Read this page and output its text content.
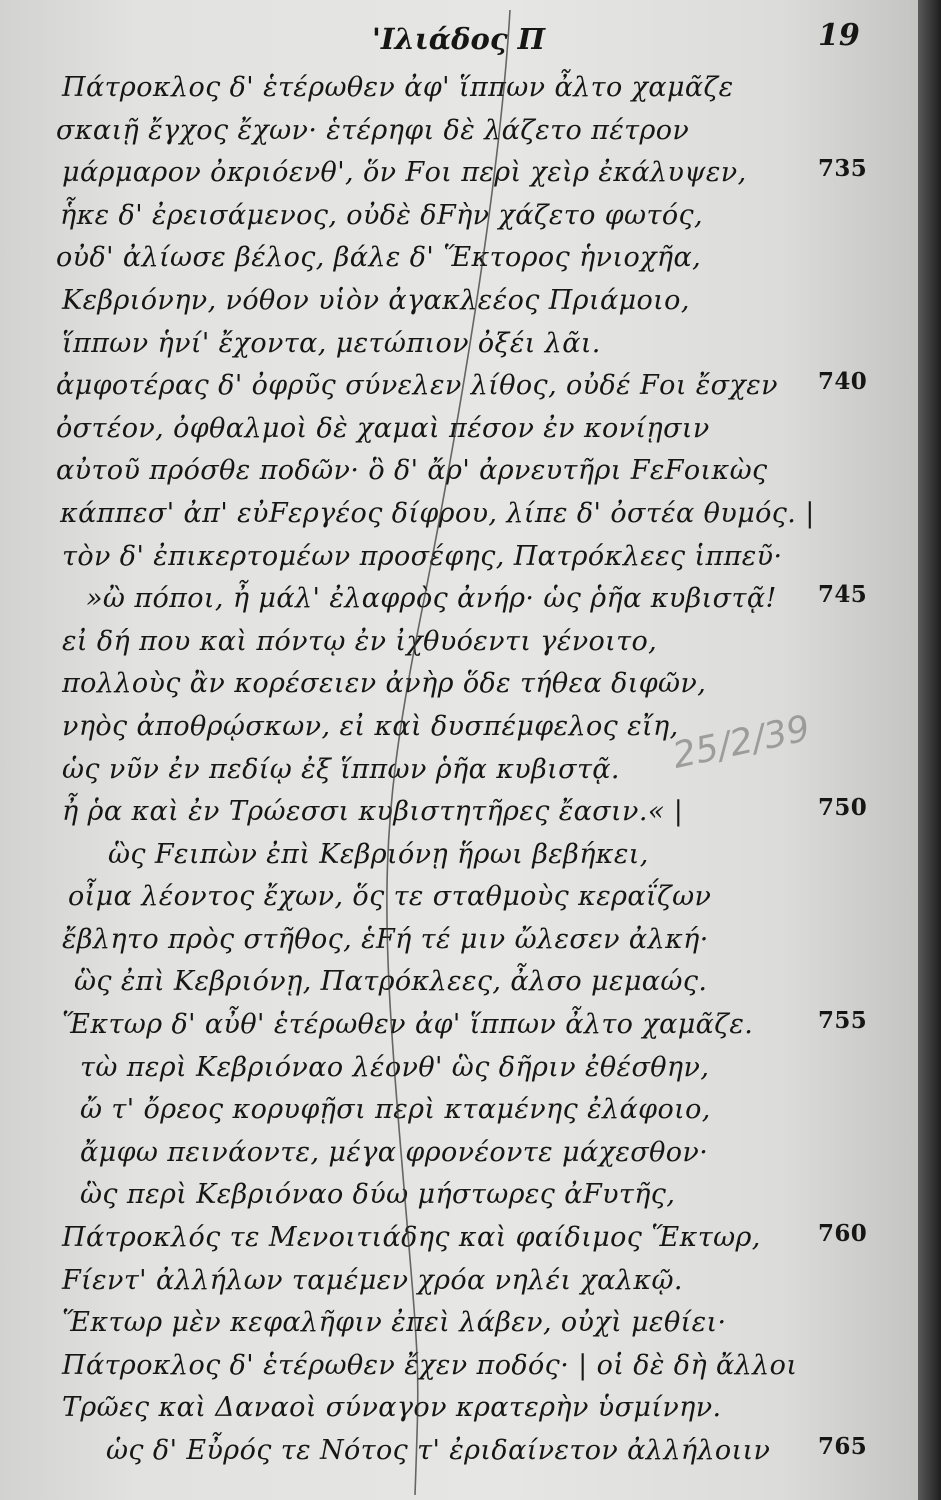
'Ιλιάδος Π	19
Πάτροκλος δ' ἑτέρωθεν ἀφ' ἵππων ἆλτο χαμᾶζε
σκαιῇ ἔγχος ἔχων· ἑτέρηφι δὲ λάζετο πέτρον
μάρμαρον ὀκριόενθ', ὅν Fοι περὶ χεὶρ ἐκάλυψεν,	735
ἧκε δ' ἐρεισάμενος, οὐδὲ δFὴν χάζετο φωτός,
οὐδ' ἀλίωσε βέλος, βάλε δ' Ἕκτορος ἡνιοχῆα,
Κεβριόνην, νόθον υἱὸν ἀγακλεέος Πριάμοιο,
ἵππων ἡνί' ἔχοντα, μετώπιον ὀξέι λᾶι.
ἀμφοτέρας δ' ὀφρῦς σύνελεν λίθος, οὐδέ Fοι ἔσχεν 740
ὀστέον, ὀφθαλμοὶ δὲ χαμαὶ πέσον ἐν κονίῃσιν
αὐτοῦ πρόσθε ποδῶν· ὃ δ' ἄρ' ἀρνευτῆρι FεFοικὼς
κάππεσ' ἀπ' εὐFεργέος δίφρου, λίπε δ' ὀστέα θυμός. |
τὸν δ' ἐπικερτομέων προσέφης, Πατρόκλεες ἱππεῦ·
»ὢ πόποι, ἦ μάλ' ἐλαφρὸς ἀνήρ· ὡς ῥῆα κυβιστᾷ! 745
εἰ δή που καὶ πόντῳ ἐν ἰχθυόεντι γένοιτο,
πολλοὺς ἂν κορέσειεν ἀνὴρ ὅδε τήθεα διφῶν,
νηὸς ἀποθρῴσκων, εἰ καὶ δυσπέμφελος εἴη,
ὡς νῦν ἐν πεδίῳ ἐξ ἵππων ῥῆα κυβιστᾷ.
ἦ ῥα καὶ ἐν Τρώεσσι κυβιστητῆρες ἔασιν.« |	750
ὣς Fειπὼν ἐπὶ Κεβριόνῃ ἥρωι βεβήκει,
οἶμα λέοντος ἔχων, ὅς τε σταθμοὺς κεραΐζων
ἔβλητο πρὸς στῆθος, ἑFή τέ μιν ὤλεσεν ἀλκή·
ὣς ἐπὶ Κεβριόνῃ, Πατρόκλεες, ἆλσο μεμαώς.
Ἕκτωρ δ' αὖθ' ἑτέρωθεν ἀφ' ἵππων ἆλτο χαμᾶζε.	755
τὼ περὶ Κεβριόναο λέονθ' ὣς δῆριν ἐθέσθην,
ὤ τ' ὄρεος κορυφῇσι περὶ κταμένης ἐλάφοιο,
ἄμφω πεινάοντε, μέγα φρονέοντε μάχεσθον·
ὣς περὶ Κεβριόναο δύω μήστωρες ἀFυτῆς,
Πάτροκλός τε Μενοιτιάδης καὶ φαίδιμος Ἕκτωρ, 760
Fίεντ' ἀλλήλων ταμέμεν χρόα νηλέι χαλκῷ.
Ἕκτωρ μὲν κεφαλῆφιν ἐπεὶ λάβεν, οὐχὶ μεθίει·
Πάτροκλος δ' ἑτέρωθεν ἔχεν ποδός· | οἱ δὲ δὴ ἄλλοι
Τρῶες καὶ Δαναοὶ σύναγον κρατερὴν ὑσμίνην.
ὡς δ' Εὖρός τε Νότος τ' ἐριδαίνετον ἀλλήλοιιν 765
25/2/39
